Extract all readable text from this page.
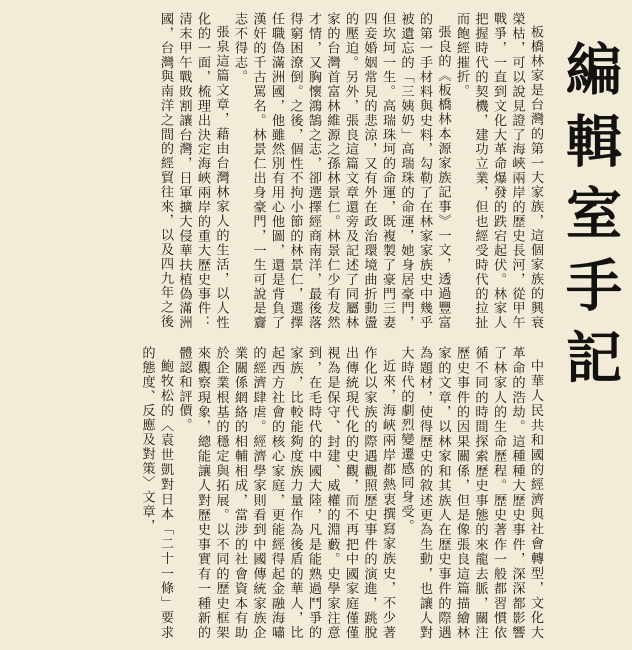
編輯室手記

板橋林家是台灣的第一大家族，這個家族的興衰榮枯，可以說見證了海峽兩岸的歷史長河，從甲午戰爭，一直到文化大革命爆發的跌宕起伏。林家人把握時代的契機，建功立業，但也經受時代的拉扯而飽經摧折。

張良的《板橋林本源家族記事》一文，透過豐富的第一手材料與史料，勾勒了在林家家族史中幾乎被遺忘的「三姨奶」高瑞珠的命運，她身居豪門，但坎坷一生。高瑞珠坷的命運，既複製了豪門三妻四妾婚姻常見的悲涼，又有外在政治環境曲折動盪的壓迫。另外，張良這篇文章還旁及記述了同屬林家的台灣首富林維源之孫林景仁。林景仁少有犮然才情，又胸懷鴻鵠之志，卻選擇經商南洋，最後落得窮困潦倒。之後，個性不拘小節的林景仁，選擇任職偽滿洲國，他雖然別有用心他圖，還是背負了漢奸的千古罵名。林景仁出身豪門，一生可說是齎志不得志。

張泉這篇文章，藉由台灣林家人的生活，以人性化的一面，梳理出決定海峽兩岸的重大歷史事件：清末甲午戰敗割讓台灣，日軍擴大侵華扶植偽滿洲國，台灣與南洋之間的經貿往來，以及四九年之後

中華人民共和國的經濟與社會轉型，文化大革命的浩劫。這種種大歷史事件，深深都影響了林家人的生命歷程。歷史著作一般都習慣依循不同的時間探索歷史事態的來龍去脈，關注歷史事件的因果關係，但是像張良這篇描繪林家的文章，以林家和其族人在歷史事件的際遇為題材，使得歷史的敘述更為生動，也讓人對大時代的劇烈變遷感同身受。

近來，海峽兩岸都熱衷撰寫家族史，不少著作化以家族的際遇觀照歷史事件的演進，跳脫出傳統現代化的史觀，而不再把中國家庭僅僅視為是保守、封建、威權的淵藪。史學家注意到，在毛時代的中國大陸，凡是能熟過鬥爭的家族，比較能夠度族力量作為後盾的華人，比起西方社會的核心家庭，更能經得起金融海嘯的經濟肆虐。經濟學家則看到中國傳統家族企業關係網絡的相輔相成，當涉的社會資本有助於企業根基的穩定與拓展。以不同的歷史框架來觀察現象，總能讓人對歷史事實有一種新的體認和評價。

鮑牧松的〈袁世凱對日本「二十一條」要求的態度、反應及對策〉文章，
